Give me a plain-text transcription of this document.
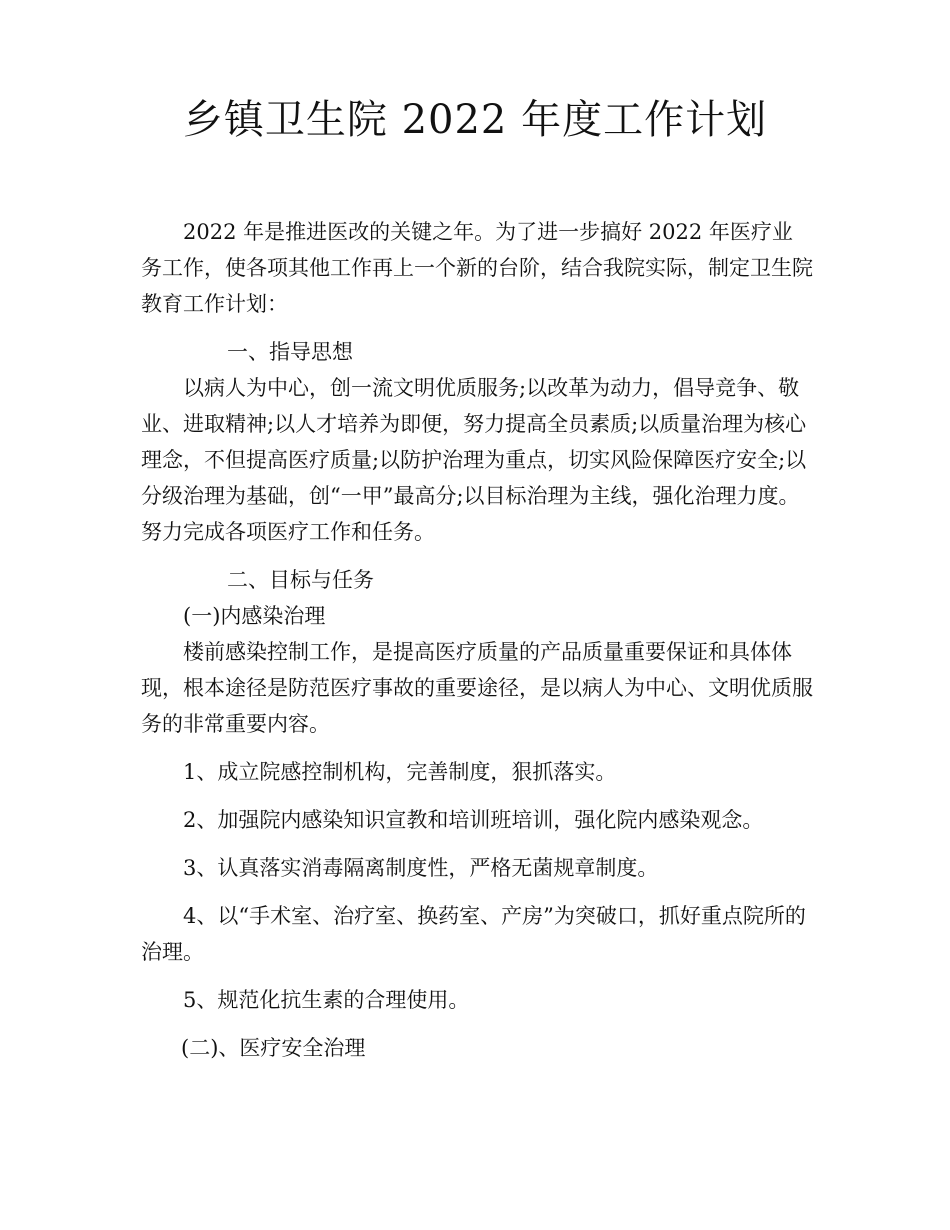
乡镇卫生院 2022 年度工作计划

2022 年是推进医改的关键之年。为了进一步搞好 2022 年医疗业务工作，使各项其他工作再上一个新的台阶，结合我院实际，制定卫生院教育工作计划：

一、指导思想

以病人为中心，创一流文明优质服务;以改革为动力，倡导竞争、敬业、进取精神;以人才培养为即便，努力提高全员素质;以质量治理为核心理念，不但提高医疗质量;以防护治理为重点，切实风险保障医疗安全;以分级治理为基础，创“一甲”最高分;以目标治理为主线，强化治理力度。努力完成各项医疗工作和任务。

二、目标与任务

(一)内感染治理

楼前感染控制工作，是提高医疗质量的产品质量重要保证和具体体现，根本途径是防范医疗事故的重要途径，是以病人为中心、文明优质服务的非常重要内容。

1、成立院感控制机构，完善制度，狠抓落实。

2、加强院内感染知识宣教和培训班培训，强化院内感染观念。

3、认真落实消毒隔离制度性，严格无菌规章制度。

4、以“手术室、治疗室、换药室、产房”为突破口，抓好重点院所的治理。

5、规范化抗生素的合理使用。

(二)、医疗安全治理
